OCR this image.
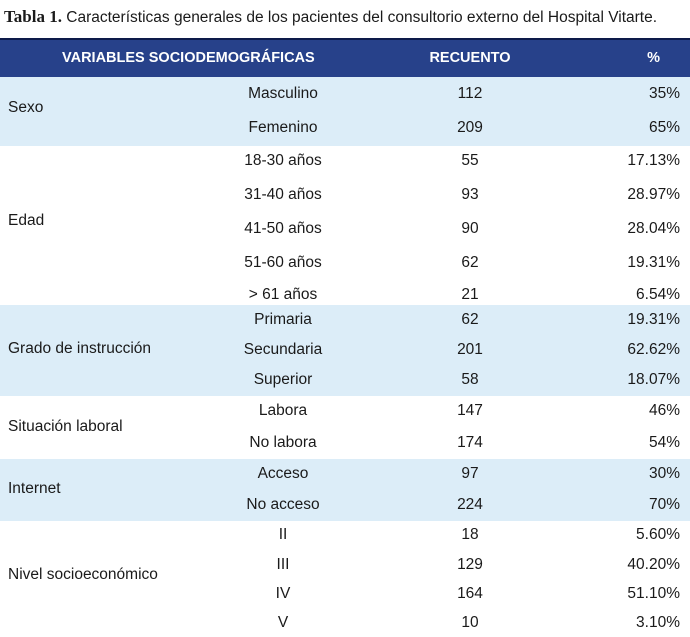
Tabla 1. Características generales de los pacientes del consultorio externo del Hospital Vitarte.
VARIABLES SOCIODEMOGRÁFICAS	RECUENTO	%
Sexo
Masculino	112	35%
Femenino	209	65%
Edad
18-30 años	55	17.13%
31-40 años	93	28.97%
41-50 años	90	28.04%
51-60 años	62	19.31%
> 61 años	21	6.54%
Grado de instrucción
Primaria	62	19.31%
Secundaria	201	62.62%
Superior	58	18.07%
Situación laboral
Labora	147	46%
No labora	174	54%
Internet
Acceso	97	30%
No acceso	224	70%
Nivel socioeconómico
II	18	5.60%
III	129	40.20%
IV	164	51.10%
V	10	3.10%
